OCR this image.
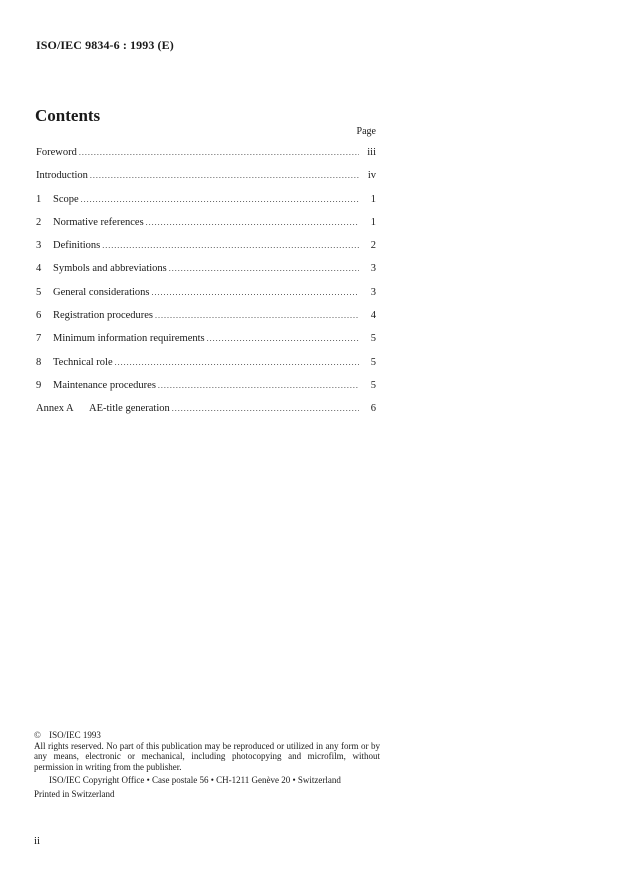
ISO/IEC 9834-6 : 1993 (E)
Contents
Page
Foreword .....	iii
Introduction .....	iv
1	Scope .....	1
2	Normative references .....	1
3	Definitions .....	2
4	Symbols and abbreviations .....	3
5	General considerations .....	3
6	Registration procedures .....	4
7	Minimum information requirements .....	5
8	Technical role .....	5
9	Maintenance procedures .....	5
Annex A	AE-title generation .....	6
© ISO/IEC 1993
All rights reserved. No part of this publication may be reproduced or utilized in any form or by any means, electronic or mechanical, including photocopying and microfilm, without permission in writing from the publisher.
ISO/IEC Copyright Office • Case postale 56 • CH-1211 Genève 20 • Switzerland
Printed in Switzerland
ii
